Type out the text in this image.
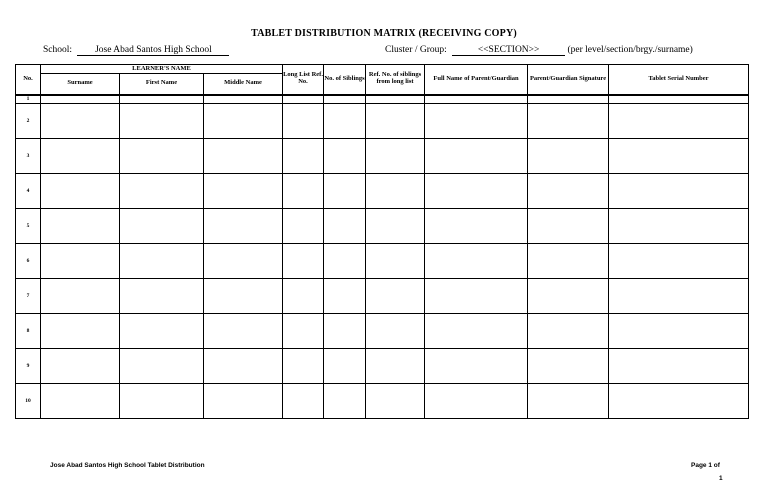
TABLET DISTRIBUTION MATRIX (RECEIVING COPY)
School: Jose Abad Santos High School	Cluster / Group:	<<SECTION>>	(per level/section/brgy./surname)
No.	LEARNER'S NAME			Long List Ref. No.	No. of Siblings	Ref. No. of siblings from long list	Full Name of Parent/Guardian	Parent/Guardian Signature	Tablet Serial Number
	Surname	First Name	Middle Name						
1									
2									
3									
4									
5									
6									
7									
8									
9									
10									
Jose Abad Santos High School Tablet Distribution	Page 1 of
1
